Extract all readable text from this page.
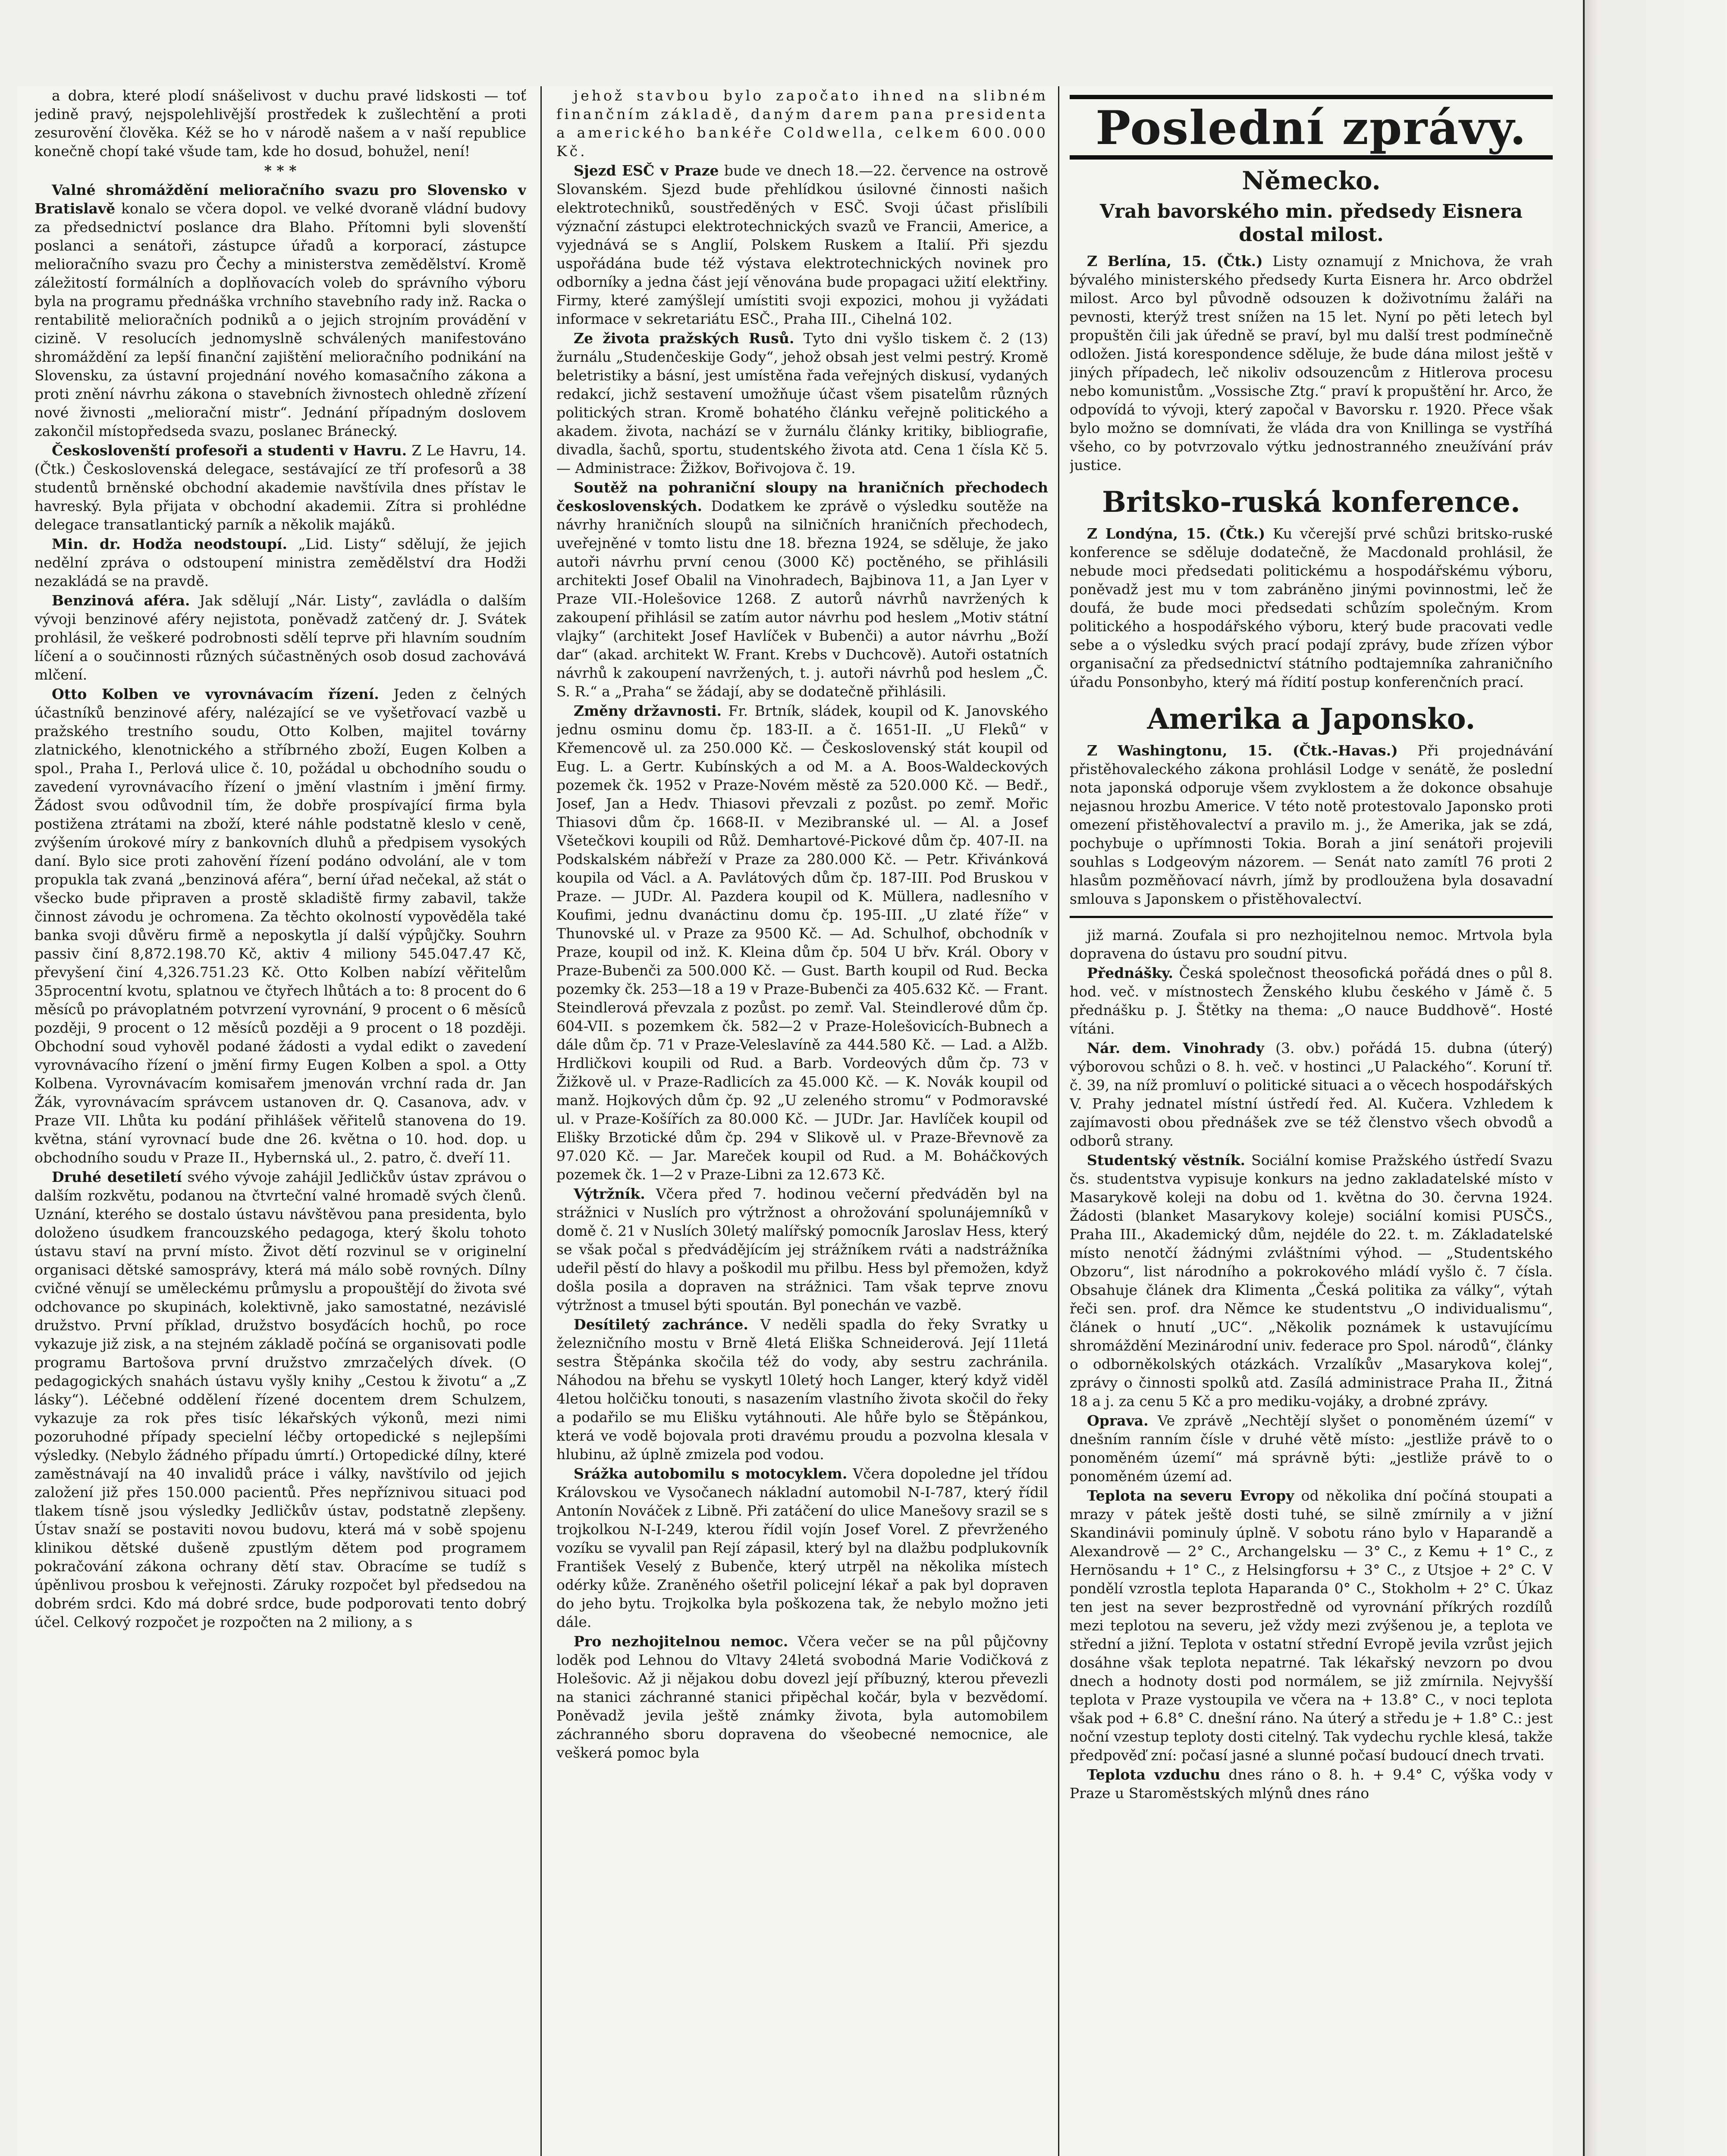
a dobra, které plodí snášelivost v duchu pravé lidskosti — toť jedině pravý, nejspolehlivější prostředek k zušlechtění a proti zesurovění člověka. Kéž se ho v národě našem a v naší republice konečně chopí také všude tam, kde ho dosud, bohužel, není!

* * *

Valné shromáždění melioračního svazu pro Slovensko v Bratislavě konalo se včera dopol. ve velké dvoraně vládní budovy za předsednictví poslance dra Blaho. Přítomni byli slovenští poslanci a senátoři, zástupce úřadů a korporací, zástupce melioračního svazu pro Čechy a ministerstva zemědělství. Kromě záležitostí formálních a doplňovacích voleb do správního výboru byla na programu přednáška vrchního stavebního rady inž. Racka o rentabilitě melioračních podniků a o jejich strojním provádění v cizině. V resolucích jednomyslně schválených manifestováno shromáždění za lepší finanční zajištění melioračního podnikání na Slovensku, za ústavní projednání nového komasačního zákona a proti znění návrhu zákona o stavebních živnostech ohledně zřízení nové živnosti „meliorační mistr“. Jednání případným doslovem zakončil místopředseda svazu, poslanec Bránecký.

Českoslovenští profesoři a studenti v Havru. Z Le Havru, 14. (Čtk.) Československá delegace, sestávající ze tří profesorů a 38 studentů brněnské obchodní akademie navštívila dnes přístav le havreský. Byla přijata v obchodní akademii. Zítra si prohlédne delegace transatlantický parník a několik majáků.

Min. dr. Hodža neodstoupí. „Lid. Listy“ sdělují, že jejich nedělní zpráva o odstoupení ministra zemědělství dra Hodži nezakládá se na pravdě.

Benzinová aféra. Jak sdělují „Nár. Listy“, zavládla o dalším vývoji benzinové aféry nejistota, poněvadž zatčený dr. J. Svátek prohlásil, že veškeré podrobnosti sdělí teprve při hlavním soudním líčení a o součinnosti různých súčastněných osob dosud zachovává mlčení.

Otto Kolben ve vyrovnávacím řízení. Jeden z čelných účastníků benzinové aféry, nalézající se ve vyšetřovací vazbě u pražského trestního soudu, Otto Kolben, majitel továrny zlatnického, klenotnického a stříbrného zboží, Eugen Kolben a spol., Praha I., Perlová ulice č. 10, požádal u obchodního soudu o zavedení vyrovnávacího řízení o jmění vlastním i jmění firmy. Žádost svou odůvodnil tím, že dobře prospívající firma byla postižena ztrátami na zboží, které náhle podstatně kleslo v ceně, zvýšením úrokové míry z bankovních dluhů a předpisem vysokých daní. Bylo sice proti zahovění řízení podáno odvolání, ale v tom propukla tak zvaná „benzinová aféra“, berní úřad nečekal, až stát o všecko bude připraven a prostě skladiště firmy zabavil, takže činnost závodu je ochromena. Za těchto okolností vypověděla také banka svoji důvěru firmě a neposkytla jí další výpůjčky. Souhrn passiv činí 8,872.198.70 Kč, aktiv 4 miliony 545.047.47 Kč, převyšení činí 4,326.751.23 Kč. Otto Kolben nabízí věřitelům 35procentní kvotu, splatnou ve čtyřech lhůtách a to: 8 procent do 6 měsíců po právoplatném potvrzení vyrovnání, 9 procent o 6 měsíců později, 9 procent o 12 měsíců později a 9 procent o 18 později. Obchodní soud vyhověl podané žádosti a vydal edikt o zavedení vyrovnávacího řízení o jmění firmy Eugen Kolben a spol. a Otty Kolbena. Vyrovnávacím komisařem jmenován vrchní rada dr. Jan Žák, vyrovnávacím správcem ustanoven dr. Q. Casanova, adv. v Praze VII. Lhůta ku podání přihlášek věřitelů stanovena do 19. května, stání vyrovnací bude dne 26. května o 10. hod. dop. u obchodního soudu v Praze II., Hybernská ul., 2. patro, č. dveří 11.

Druhé desetiletí svého vývoje zahájil Jedličkův ústav zprávou o dalším rozkvětu, podanou na čtvrteční valné hromadě svých členů. Uznání, kterého se dostalo ústavu návštěvou pana presidenta, bylo doloženo úsudkem francouzského pedagoga, který školu tohoto ústavu staví na první místo. Život dětí rozvinul se v originelní organisaci dětské samosprávy, která má málo sobě rovných. Dílny cvičné věnují se uměleckému průmyslu a propouštějí do života své odchovance po skupinách, kolektivně, jako samostatné, nezávislé družstvo. První příklad, družstvo bosyďácích hochů, po roce vykazuje již zisk, a na stejném základě počíná se organisovati podle programu Bartošova první družstvo zmrzačelých dívek. (O pedagogických snahách ústavu vyšly knihy „Cestou k životu“ a „Z lásky“). Léčebné oddělení řízené docentem drem Schulzem, vykazuje za rok přes tisíc lékařských výkonů, mezi nimi pozoruhodné případy specielní léčby ortopedické s nejlepšími výsledky. (Nebylo žádného případu úmrtí.) Ortopedické dílny, které zaměstnávají na 40 invalidů práce i války, navštívilo od jejich založení již přes 150.000 pacientů. Přes nepříznivou situaci pod tlakem tísně jsou výsledky Jedličkův ústav, podstatně zlepšeny. Ústav snaží se postaviti novou budovu, která má v sobě spojenu klinikou dětské dušeně zpustlým dětem pod programem pokračování zákona ochrany dětí stav. Obracíme se tudíž s úpěnlivou prosbou k veřejnosti. Záruky rozpočet byl předsedou na dobrém srdci. Kdo má dobré srdce, bude podporovati tento dobrý účel. Celkový rozpočet je rozpočten na 2 miliony, a s

jehož stavbou bylo započato ihned na slibném finančním základě, daným darem pana presidenta a amerického bankéře Coldwella, celkem 600.000 Kč.

Sjezd ESČ v Praze bude ve dnech 18.—22. července na ostrově Slovanském. Sjezd bude přehlídkou úsilovné činnosti našich elektrotechniků, soustředěných v ESČ. Svoji účast přislíbili význační zástupci elektrotechnických svazů ve Francii, Americe, a vyjednává se s Anglií, Polskem Ruskem a Italií. Při sjezdu uspořádána bude též výstava elektrotechnických novinek pro odborníky a jedna část její věnována bude propagaci užití elektřiny. Firmy, které zamýšlejí umístiti svoji expozici, mohou ji vyžádati informace v sekretariátu ESČ., Praha III., Cihelná 102.

Ze života pražských Rusů. Tyto dni vyšlo tiskem č. 2 (13) žurnálu „Studenčeskije Gody“, jehož obsah jest velmi pestrý. Kromě beletristiky a básní, jest umístěna řada veřejných diskusí, vydaných redakcí, jichž sestavení umožňuje účast všem pisatelům různých politických stran. Kromě bohatého článku veřejně politického a akadem. života, nachází se v žurnálu články kritiky, bibliografie, divadla, šachů, sportu, studentského života atd. Cena 1 čísla Kč 5. — Administrace: Žižkov, Bořivojova č. 19.

Soutěž na pohraniční sloupy na hraničních přechodech československých. Dodatkem ke zprávě o výsledku soutěže na návrhy hraničních sloupů na silničních hraničních přechodech, uveřejněné v tomto listu dne 18. března 1924, se sděluje, že jako autoři návrhu první cenou (3000 Kč) poctěného, se přihlásili architekti Josef Obalil na Vinohradech, Bajbinova 11, a Jan Lyer v Praze VII.-Holešovice 1268. Z autorů návrhů navržených k zakoupení přihlásil se zatím autor návrhu pod heslem „Motiv státní vlajky“ (architekt Josef Havlíček v Bubenči) a autor návrhu „Boží dar“ (akad. architekt W. Frant. Krebs v Duchcově). Autoři ostatních návrhů k zakoupení navržených, t. j. autoři návrhů pod heslem „Č. S. R.“ a „Praha“ se žádají, aby se dodatečně přihlásili.

Změny državnosti. Fr. Brtník, sládek, koupil od K. Janovského jednu osminu domu čp. 183-II. a č. 1651-II. „U Fleků“ v Křemencově ul. za 250.000 Kč. — Československý stát koupil od Eug. L. a Gertr. Kubínských a od M. a A. Boos-Waldeckových pozemek čk. 1952 v Praze-Novém městě za 520.000 Kč. — Bedř., Josef, Jan a Hedv. Thiasovi převzali z pozůst. po zemř. Mořic Thiasovi dům čp. 1668-II. v Mezibranské ul. — Al. a Josef Všetečkovi koupili od Růž. Demhartové-Pickové dům čp. 407-II. na Podskalském nábřeží v Praze za 280.000 Kč. — Petr. Křivánková koupila od Václ. a A. Pavlátových dům čp. 187-III. Pod Bruskou v Praze. — JUDr. Al. Pazdera koupil od K. Müllera, nadlesního v Koufimi, jednu dvanáctinu domu čp. 195-III. „U zlaté říže“ v Thunovské ul. v Praze za 9500 Kč. — Ad. Schulhof, obchodník v Praze, koupil od inž. K. Kleina dům čp. 504 U břv. Král. Obory v Praze-Bubenči za 500.000 Kč. — Gust. Barth koupil od Rud. Becka pozemky čk. 253—18 a 19 v Praze-Bubenči za 405.632 Kč. — Frant. Steindlerová převzala z pozůst. po zemř. Val. Steindlerové dům čp. 604-VII. s pozemkem čk. 582—2 v Praze-Holešovicích-Bubnech a dále dům čp. 71 v Praze-Veleslavíně za 444.580 Kč. — Lad. a Alžb. Hrdličkovi koupili od Rud. a Barb. Vordeových dům čp. 73 v Žižkově ul. v Praze-Radlicích za 45.000 Kč. — K. Novák koupil od manž. Hojkových dům čp. 92 „U zeleného stromu“ v Podmoravské ul. v Praze-Košířích za 80.000 Kč. — JUDr. Jar. Havlíček koupil od Elišky Brzotické dům čp. 294 v Slikově ul. v Praze-Břevnově za 97.020 Kč. — Jar. Mareček koupil od Rud. a M. Boháčkových pozemek čk. 1—2 v Praze-Libni za 12.673 Kč.

Výtržník. Včera před 7. hodinou večerní předváděn byl na strážnici v Nuslích pro výtržnost a ohrožování spolunájemníků v domě č. 21 v Nuslích 30letý malířský pomocník Jaroslav Hess, který se však počal s předvádějícím jej strážníkem rváti a nadstrážníka udeřil pěstí do hlavy a poškodil mu přilbu. Hess byl přemožen, když došla posila a dopraven na strážnici. Tam však teprve znovu výtržnost a tmusel býti spoután. Byl ponechán ve vazbě.

Desítiletý zachránce. V neděli spadla do řeky Svratky u železničního mostu v Brně 4letá Eliška Schneiderová. Její 11letá sestra Štěpánka skočila též do vody, aby sestru zachránila. Náhodou na břehu se vyskytl 10letý hoch Langer, který když viděl 4letou holčičku tonouti, s nasazením vlastního života skočil do řeky a podařilo se mu Elišku vytáhnouti. Ale hůře bylo se Štěpánkou, která ve vodě bojovala proti dravému proudu a pozvolna klesala v hlubinu, až úplně zmizela pod vodou.

Srážka autobomilu s motocyklem. Včera dopoledne jel třídou Královskou ve Vysočanech nákladní automobil N-I-787, který řídil Antonín Nováček z Libně. Při zatáčení do ulice Manešovy srazil se s trojkolkou N-I-249, kterou řídil vojín Josef Vorel. Z převrženého vozíku se vyvalil pan Rejí zápasil, který byl na dlažbu podplukovník František Veselý z Bubenče, který utrpěl na několika místech odérky kůže. Zraněného ošetřil policejní lékař a pak byl dopraven do jeho bytu. Trojkolka byla poškozena tak, že nebylo možno jeti dále.

Pro nezhojitelnou nemoc. Včera večer se na půl půjčovny loděk pod Lehnou do Vltavy 24letá svobodná Marie Vodičková z Holešovic. Až ji nějakou dobu dovezl její příbuzný, kterou převezli na stanici záchranné stanici připěchal kočár, byla v bezvědomí. Poněvadž jevila ještě známky života, byla automobilem záchranného sboru dopravena do všeobecné nemocnice, ale veškerá pomoc byla

Poslední zprávy.
Německo.
Vrah bavorského min. předsedy Eisnera dostal milost.

Z Berlína, 15. (Čtk.) Listy oznamují z Mnichova, že vrah bývalého ministerského předsedy Kurta Eisnera hr. Arco obdržel milost. Arco byl původně odsouzen k doživotnímu žaláři na pevnosti, kterýž trest snížen na 15 let. Nyní po pěti letech byl propuštěn čili jak úředně se praví, byl mu další trest podmínečně odložen. Jistá korespondence sděluje, že bude dána milost ještě v jiných případech, leč nikoliv odsouzencům z Hitlerova procesu nebo komunistům. „Vossische Ztg.“ praví k propuštění hr. Arco, že odpovídá to vývoji, který započal v Bavorsku r. 1920. Přece však bylo možno se domnívati, že vláda dra von Knillinga se vystříhá všeho, co by potvrzovalo výtku jednostranného zneužívání práv justice.

Britsko-ruská konference.

Z Londýna, 15. (Čtk.) Ku včerejší prvé schůzi britsko-ruské konference se sděluje dodatečně, že Macdonald prohlásil, že nebude moci předsedati politickému a hospodářskému výboru, poněvadž jest mu v tom zabráněno jinými povinnostmi, leč že doufá, že bude moci předsedati schůzím společným. Krom politického a hospodářského výboru, který bude pracovati vedle sebe a o výsledku svých prací podají zprávy, bude zřízen výbor organisační za předsednictví státního podtajemníka zahraničního úřadu Ponsonbyho, který má řídití postup konferenčních prací.

Amerika a Japonsko.

Z Washingtonu, 15. (Čtk.-Havas.) Při projednávání přistěhovaleckého zákona prohlásil Lodge v senátě, že poslední nota japonská odporuje všem zvyklostem a že dokonce obsahuje nejasnou hrozbu Americe. V této notě protestovalo Japonsko proti omezení přistěhovalectví a pravilo m. j., že Amerika, jak se zdá, pochybuje o upřímnosti Tokia. Borah a jiní senátoři projevili souhlas s Lodgeovým názorem. — Senát nato zamítl 76 proti 2 hlasům pozměňovací návrh, jímž by prodloužena byla dosavadní smlouva s Japonskem o přistěhovalectví.

již marná. Zoufala si pro nezhojitelnou nemoc. Mrtvola byla dopravena do ústavu pro soudní pitvu.

Přednášky. Česká společnost theosofická pořádá dnes o půl 8. hod. več. v místnostech Ženského klubu českého v Jámě č. 5 přednášku p. J. Štětky na thema: „O nauce Buddhově“. Hosté vítáni.

Nár. dem. Vinohrady (3. obv.) pořádá 15. dubna (úterý) výborovou schůzi o 8. h. več. v hostinci „U Palackého“. Koruní tř. č. 39, na níž promluví o politické situaci a o věcech hospodářských V. Prahy jednatel místní ústředí řed. Al. Kučera. Vzhledem k zajímavosti obou přednášek zve se též členstvo všech obvodů a odborů strany.

Studentský věstník. Sociální komise Pražského ústředí Svazu čs. studentstva vypisuje konkurs na jedno zakladatelské místo v Masarykově koleji na dobu od 1. května do 30. června 1924. Žádosti (blanket Masarykovy koleje) sociální komisi PUSČS., Praha III., Akademický dům, nejdéle do 22. t. m. Základatelské místo nenotčí žádnými zvláštními výhod. — „Studentského Obzoru“, list národního a pokrokového mládí vyšlo č. 7 čísla. Obsahuje článek dra Klimenta „Česká politika za války“, výtah řeči sen. prof. dra Němce ke studentstvu „O individualismu“, článek o hnutí „UC“. „Několik poznámek k ustavujícímu shromáždění Mezinárodní univ. federace pro Spol. národů“, články o odborněkolských otázkách. Vrzalíkův „Masarykova kolej“, zprávy o činnosti spolků atd. Zasílá administrace Praha II., Žitná 18 a j. za cenu 5 Kč a pro mediku-vojáky, a drobné zprávy.

Oprava. Ve zprávě „Nechtějí slyšet o ponoměném území“ v dnešním ranním čísle v druhé větě místo: „jestliže právě to o ponoměném území“ má správně býti: „jestliže právě to o ponoměném území ad.

Teplota na severu Evropy od několika dní počíná stoupati a mrazy v pátek ještě dosti tuhé, se silně zmírnily a v jižní Skandinávii pominuly úplně. V sobotu ráno bylo v Haparandě a Alexandrově — 2° C., Archangelsku — 3° C., z Kemu + 1° C., z Hernösandu + 1° C., z Helsingforsu + 3° C., z Utsjoe + 2° C. V pondělí vzrostla teplota Haparanda 0° C., Stokholm + 2° C. Úkaz ten jest na sever bezprostředně od vyrovnání příkrých rozdílů mezi teplotou na severu, jež vždy mezi zvýšenou je, a teplota ve střední a jižní. Teplota v ostatní střední Evropě jevila vzrůst jejich dosáhne však teplota nepatrné. Tak lékařský nevzorn po dvou dnech a hodnoty dosti pod normálem, se již zmírnila. Nejvyšší teplota v Praze vystoupila ve včera na + 13.8° C., v noci teplota však pod + 6.8° C. dnešní ráno. Na úterý a středu je + 1.8° C.: jest noční vzestup teploty dosti citelný. Tak vydechu rychle klesá, takže předpověď zní: počasí jasné a slunné počasí budoucí dnech trvati.

Teplota vzduchu dnes ráno o 8. h. + 9.4° C, výška vody v Praze u Staroměstských mlýnů dnes ráno
